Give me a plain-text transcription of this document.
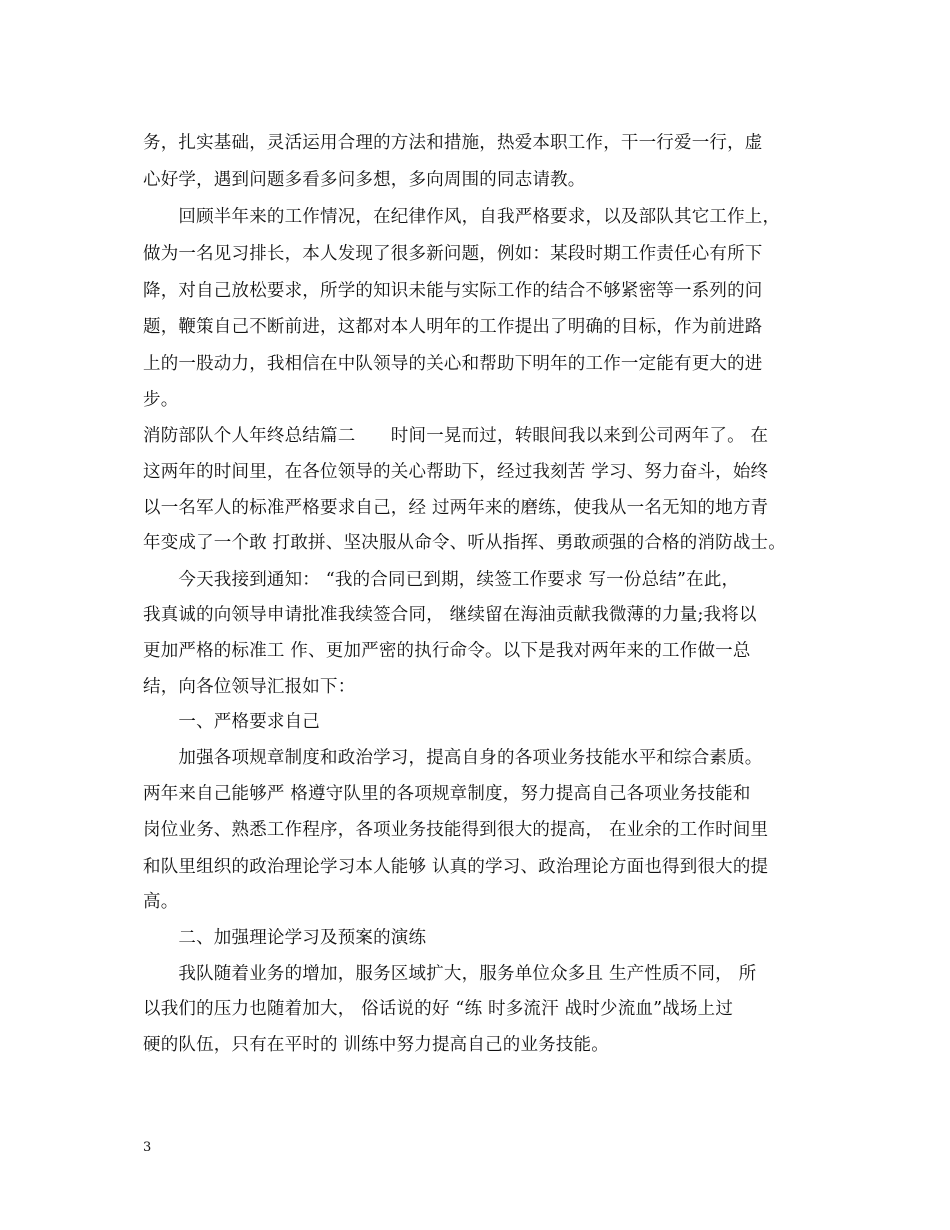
务，扎实基础，灵活运用合理的方法和措施，热爱本职工作，干一行爱一行，虚
心好学，遇到问题多看多问多想，多向周围的同志请教。
　　回顾半年来的工作情况，在纪律作风，自我严格要求，以及部队其它工作上，
做为一名见习排长，本人发现了很多新问题，例如：某段时期工作责任心有所下
降，对自己放松要求，所学的知识未能与实际工作的结合不够紧密等一系列的问
题，鞭策自己不断前进，这都对本人明年的工作提出了明确的目标，作为前进路
上的一股动力，我相信在中队领导的关心和帮助下明年的工作一定能有更大的进
步。
消防部队个人年终总结篇二　　时间一晃而过，转眼间我以来到公司两年了。 在
这两年的时间里，在各位领导的关心帮助下，经过我刻苦 学习、努力奋斗，始终
以一名军人的标准严格要求自己，经 过两年来的磨练，使我从一名无知的地方青
年变成了一个敢 打敢拼、坚决服从命令、听从指挥、勇敢顽强的合格的消防战士。
　　今天我接到通知： “我的合同已到期，续签工作要求 写一份总结”在此，
我真诚的向领导申请批准我续签合同， 继续留在海油贡献我微薄的力量;我将以
更加严格的标准工 作、更加严密的执行命令。以下是我对两年来的工作做一总
结，向各位领导汇报如下：
　　一、严格要求自己
　　加强各项规章制度和政治学习，提高自身的各项业务技能水平和综合素质。
两年来自己能够严 格遵守队里的各项规章制度，努力提高自己各项业务技能和
岗位业务、熟悉工作程序，各项业务技能得到很大的提高， 在业余的工作时间里
和队里组织的政治理论学习本人能够 认真的学习、政治理论方面也得到很大的提
高。
　　二、加强理论学习及预案的演练
　　我队随着业务的增加，服务区域扩大，服务单位众多且 生产性质不同， 所
以我们的压力也随着加大， 俗话说的好 “练 时多流汗 战时少流血”战场上过
硬的队伍，只有在平时的 训练中努力提高自己的业务技能。
3
